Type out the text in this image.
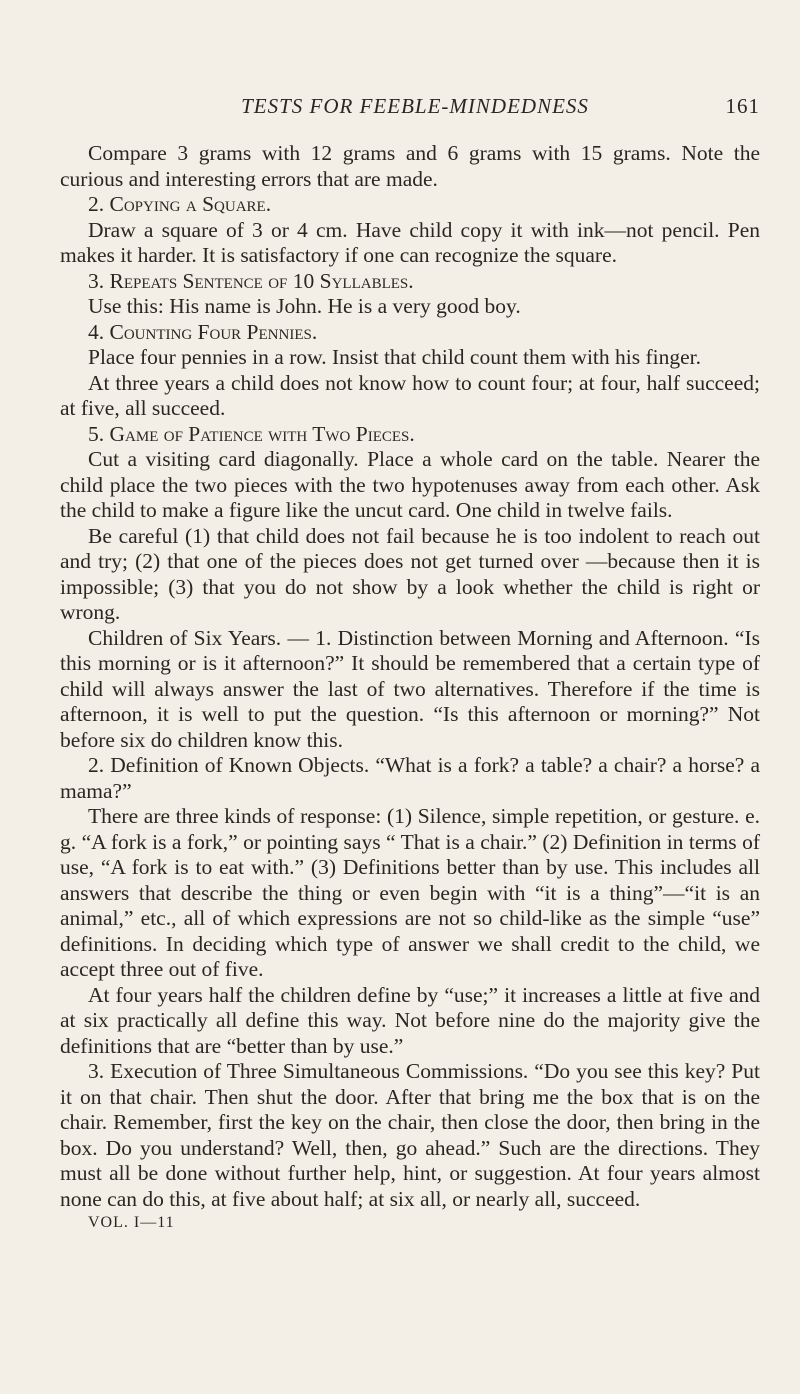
TESTS FOR FEEBLE-MINDEDNESS	161

Compare 3 grams with 12 grams and 6 grams with 15 grams. Note the curious and interesting errors that are made.

2. Copying a Square.

Draw a square of 3 or 4 cm. Have child copy it with ink—not pencil. Pen makes it harder. It is satisfactory if one can recognize the square.

3. Repeats Sentence of 10 Syllables.

Use this: His name is John. He is a very good boy.

4. Counting Four Pennies.

Place four pennies in a row. Insist that child count them with his finger.

At three years a child does not know how to count four; at four, half succeed; at five, all succeed.

5. Game of Patience with Two Pieces.

Cut a visiting card diagonally. Place a whole card on the table. Nearer the child place the two pieces with the two hypotenuses away from each other. Ask the child to make a figure like the uncut card. One child in twelve fails.

Be careful (1) that child does not fail because he is too indolent to reach out and try; (2) that one of the pieces does not get turned over —because then it is impossible; (3) that you do not show by a look whether the child is right or wrong.

Children of Six Years. — 1. Distinction between Morning and Afternoon. “Is this morning or is it afternoon?” It should be remembered that a certain type of child will always answer the last of two alternatives. Therefore if the time is afternoon, it is well to put the question. “Is this afternoon or morning?” Not before six do children know this.

2. Definition of Known Objects. “What is a fork? a table? a chair? a horse? a mama?”

There are three kinds of response: (1) Silence, simple repetition, or gesture. e. g. “A fork is a fork,” or pointing says “ That is a chair.” (2) Definition in terms of use, “A fork is to eat with.” (3) Definitions better than by use. This includes all answers that describe the thing or even begin with “it is a thing”—“it is an animal,” etc., all of which expressions are not so child-like as the simple “use” definitions. In deciding which type of answer we shall credit to the child, we accept three out of five.

At four years half the children define by “use;” it increases a little at five and at six practically all define this way. Not before nine do the majority give the definitions that are “better than by use.”

3. Execution of Three Simultaneous Commissions. “Do you see this key? Put it on that chair. Then shut the door. After that bring me the box that is on the chair. Remember, first the key on the chair, then close the door, then bring in the box. Do you understand? Well, then, go ahead.” Such are the directions. They must all be done without further help, hint, or suggestion. At four years almost none can do this, at five about half; at six all, or nearly all, succeed.

VOL. I—11
